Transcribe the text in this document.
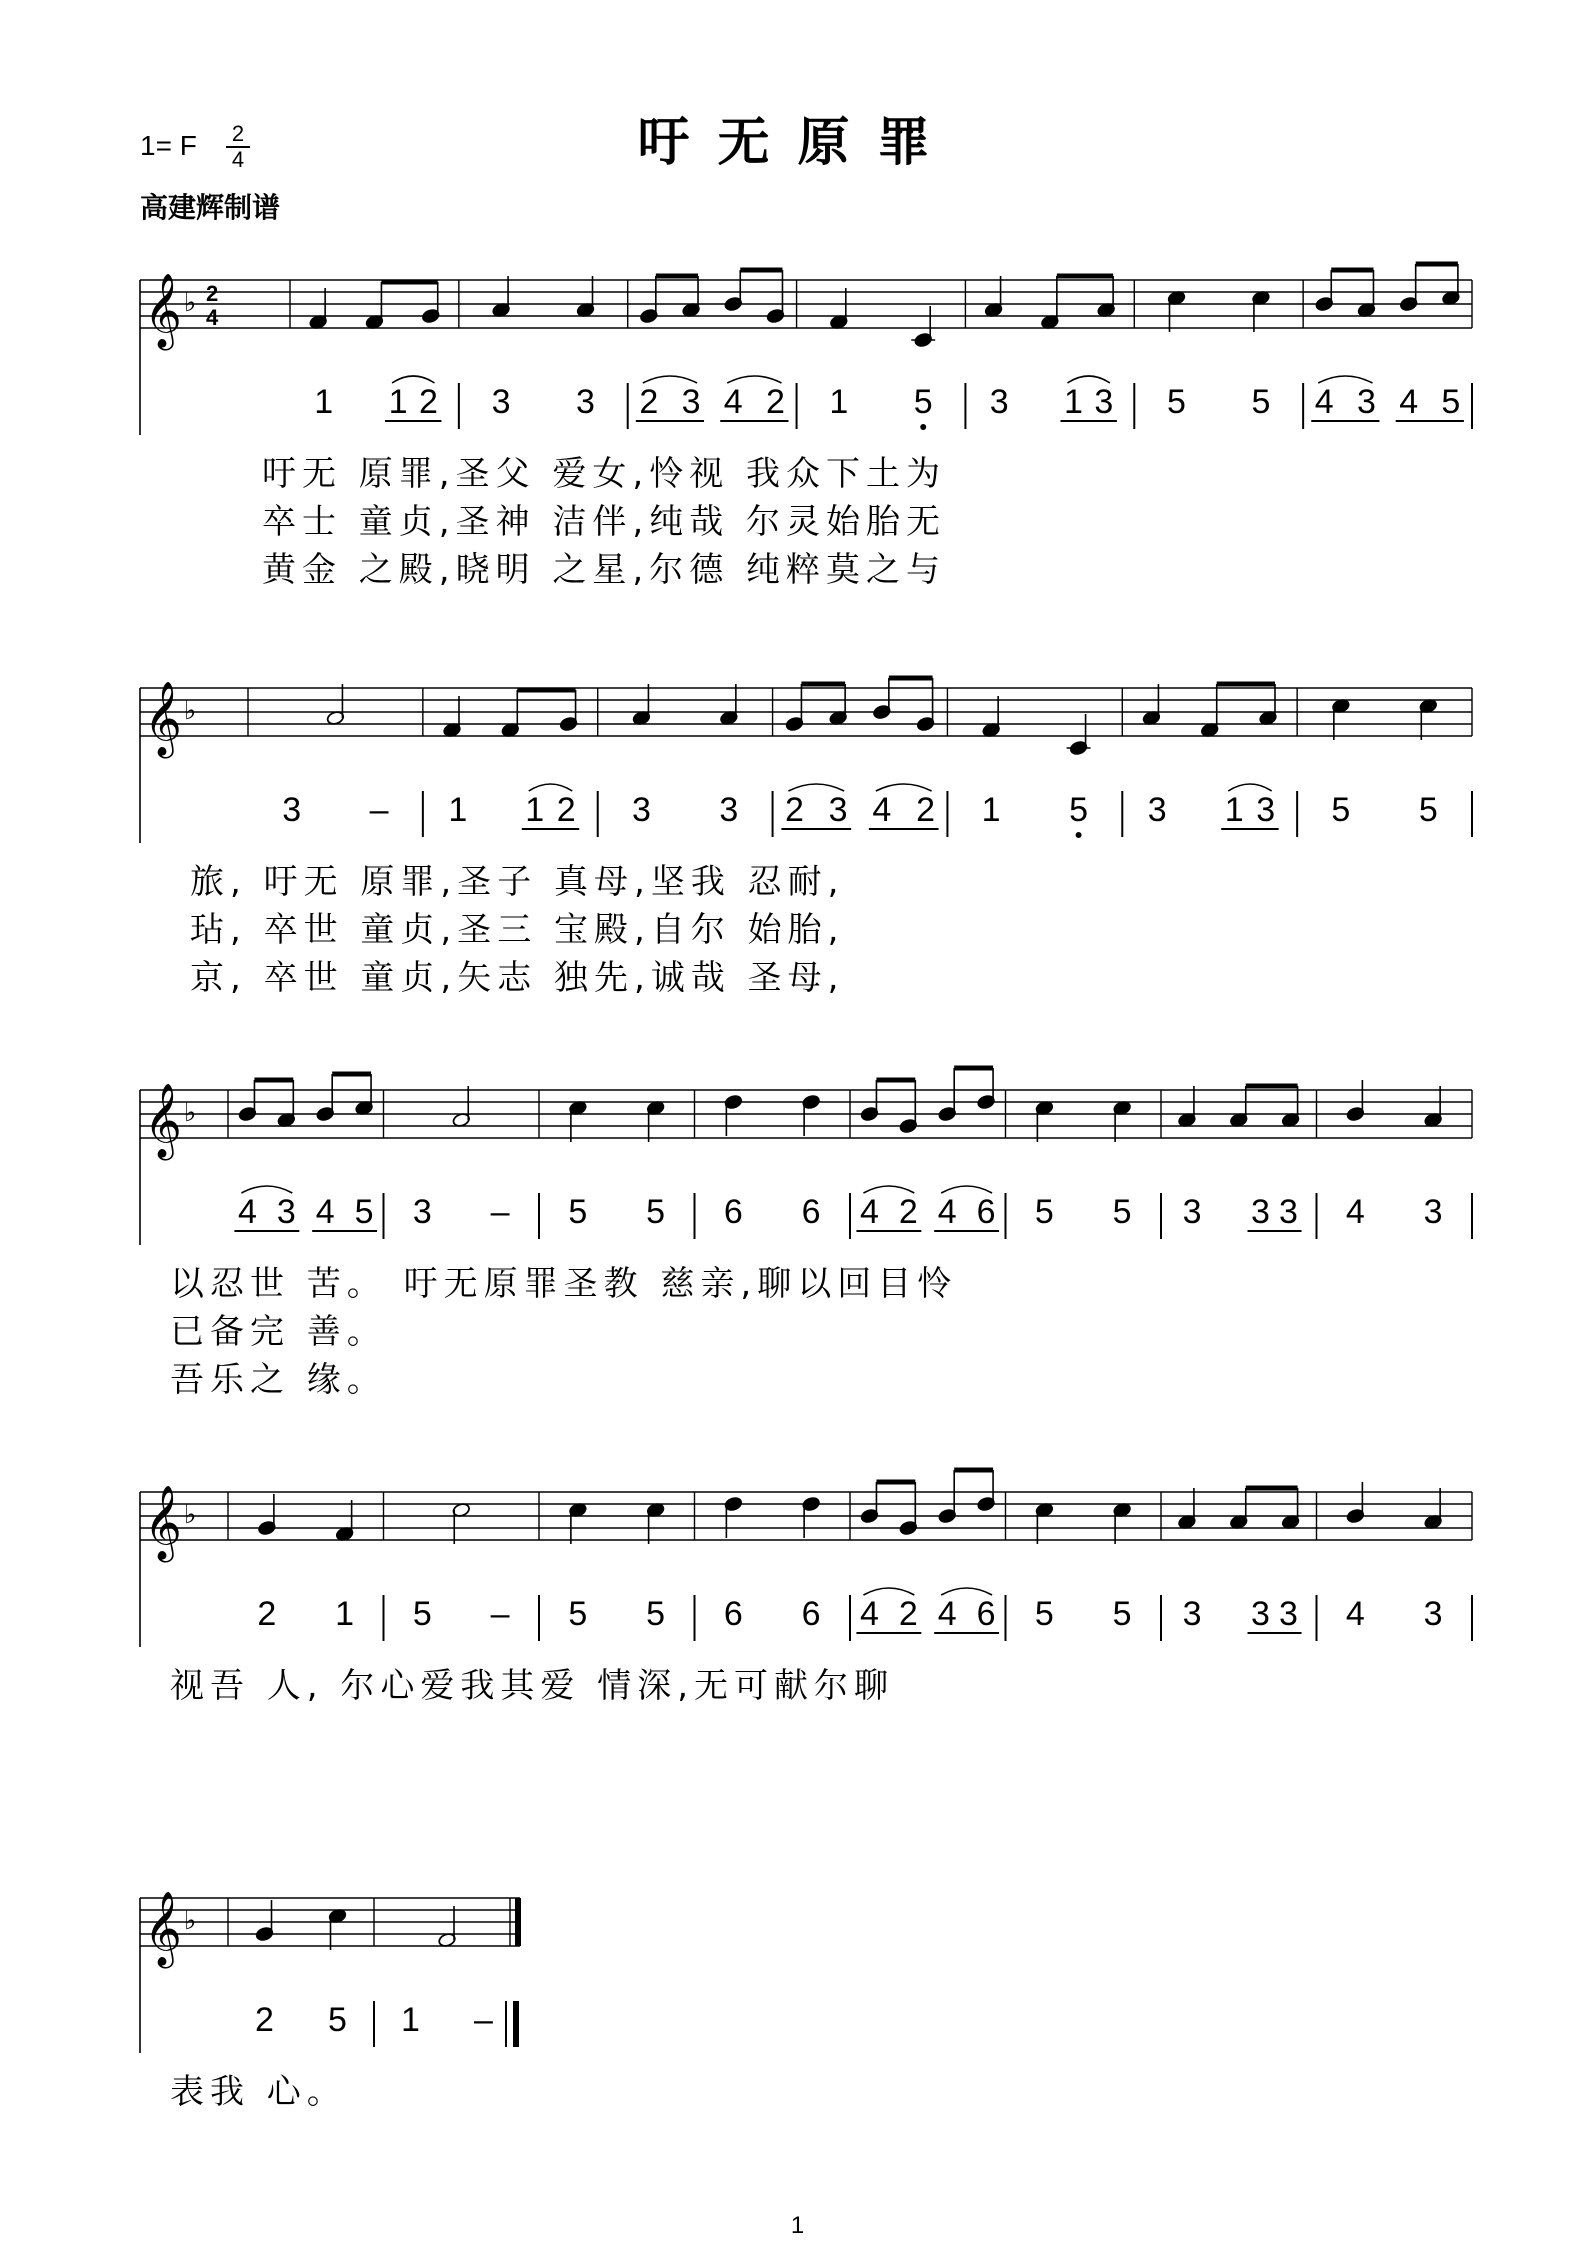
吁无原罪
1= F $\frac{2}{4}$
高建辉制谱
𝄞 ♭ 2
4
1 1 2 3 3 2 3 4 2 1 5 3 1 3 5 5 4 3 4 5
吁无 原罪,圣父 爱女,怜视 我众下土为
卒士 童贞,圣神 洁伴,纯哉 尔灵始胎无
黄金 之殿,晓明 之星,尔德 纯粹莫之与
𝄞 ♭
3 – 1 1 2 3 3 2 3 4 2 1 5 3 1 3 5 5
旅, 吁无 原罪,圣子 真母,坚我 忍耐,
玷, 卒世 童贞,圣三 宝殿,自尔 始胎,
京, 卒世 童贞,矢志 独先,诚哉 圣母,
𝄞 ♭
4 3 4 5 3 – 5 5 6 6 4 2 4 6 5 5 3 3 3 4 3
以忍世 苦。 吁无原罪圣教 慈亲,聊以回目怜
已备完 善。
吾乐之 缘。
𝄞 ♭
2 1 5 – 5 5 6 6 4 2 4 6 5 5 3 3 3 4 3
视吾 人, 尔心爱我其爱 情深,无可献尔聊
𝄞 ♭
2 5 1 –
表我 心。
1
